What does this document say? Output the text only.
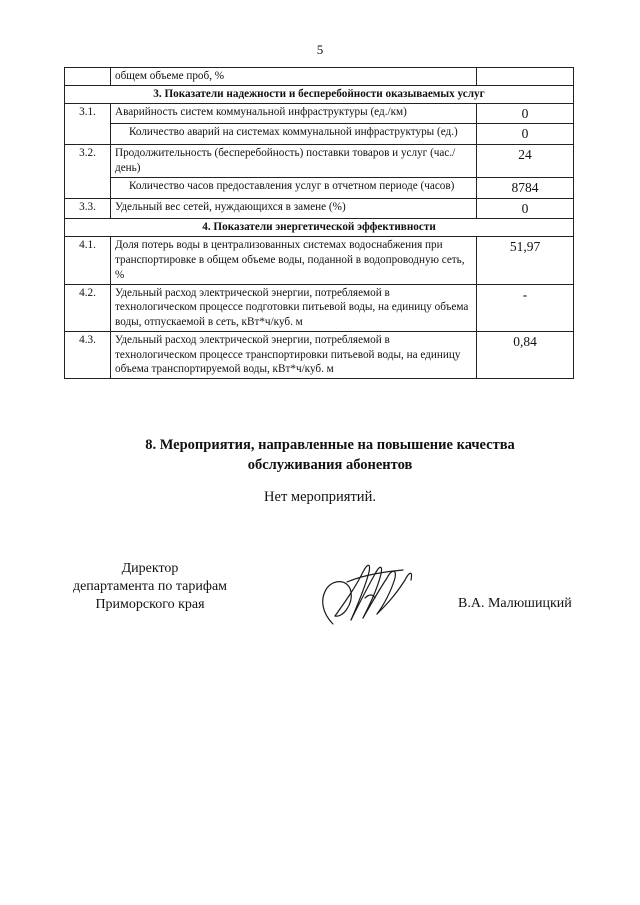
5
	общем объеме проб, %	
3. Показатели надежности и бесперебойности оказываемых услуг		
3.1.	Аварийность систем коммунальной инфраструктуры (ед./км)	0

	Количество аварий на системах коммунальной инфраструктуры (ед.)	0
3.2.	Продолжительность (бесперебойность) поставки товаров и услуг (час./день)	24

	Количество часов предоставления услуг в отчетном периоде (часов)	8784
3.3.	Удельный вес сетей, нуждающихся в замене (%)	0
4. Показатели энергетической эффективности		
4.1.	Доля потерь воды в централизованных системах водоснабжения при транспортировке в общем объеме воды, поданной в водопроводную сеть, %	51,97
4.2.	Удельный расход электрической энергии, потребляемой в технологическом процессе подготовки питьевой воды, на единицу объема воды, отпускаемой в сеть, кВт*ч/куб. м	-
4.3.	Удельный расход электрической энергии, потребляемой в технологическом процессе транспортировки питьевой воды, на единицу объема транспортируемой воды, кВт*ч/куб. м	0,84
8. Мероприятия, направленные на повышение качества
обслуживания абонентов
Нет мероприятий.
Директор
департамента по тарифам
Приморского края	В.А. Малюшицкий
